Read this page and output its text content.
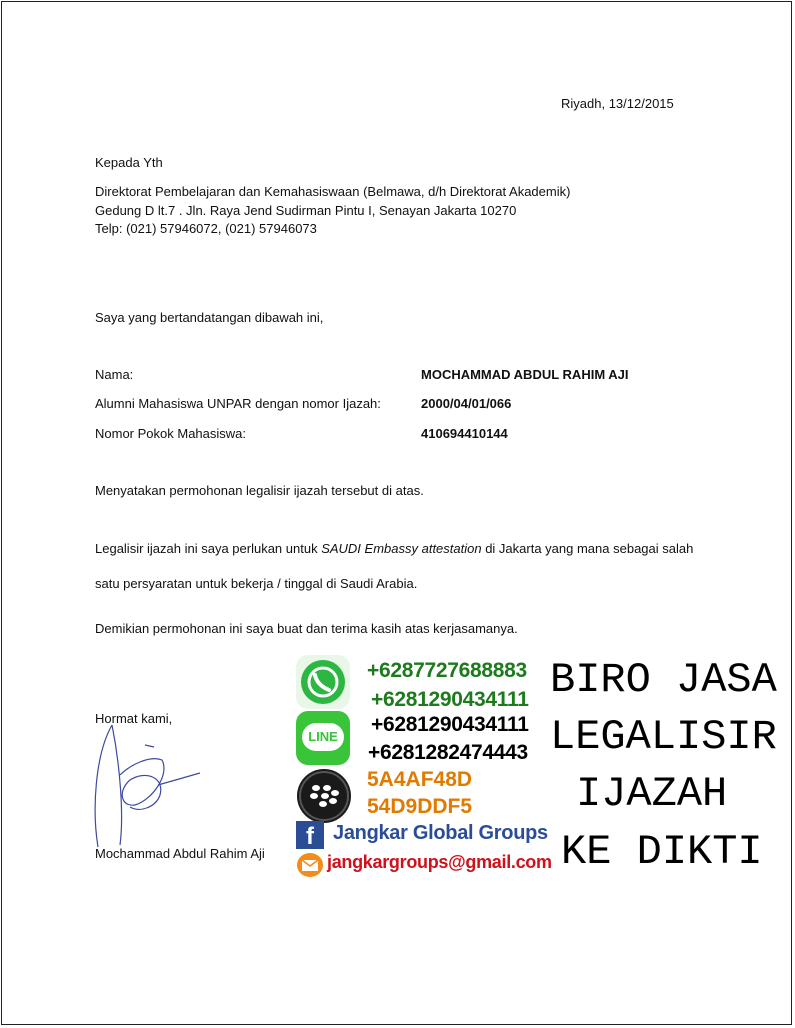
Riyadh, 13/12/2015
Kepada Yth
Direktorat Pembelajaran dan Kemahasiswaan (Belmawa, d/h Direktorat Akademik)
Gedung D lt.7 . Jln. Raya Jend Sudirman Pintu I, Senayan Jakarta 10270
Telp: (021) 57946072, (021) 57946073
Saya yang bertandatangan dibawah ini,
Nama:	MOCHAMMAD ABDUL RAHIM AJI
Alumni Mahasiswa UNPAR dengan nomor Ijazah:	2000/04/01/066
Nomor Pokok Mahasiswa:	410694410144
Menyatakan permohonan legalisir ijazah tersebut di atas.
Legalisir ijazah ini saya perlukan untuk SAUDI Embassy attestation di Jakarta yang mana sebagai salah
satu persyaratan untuk bekerja / tinggal di Saudi Arabia.
Demikian permohonan ini saya buat dan terima kasih atas kerjasamanya.
Hormat kami,
Mochammad Abdul Rahim Aji
+6287727688883
+6281290434111
LINE
+6281290434111
+6281282474443
5A4AF48D
54D9DDF5
f Jangkar Global Groups
jangkargroups@gmail.com
BIRO JASA
LEGALISIR
IJAZAH
KE DIKTI
